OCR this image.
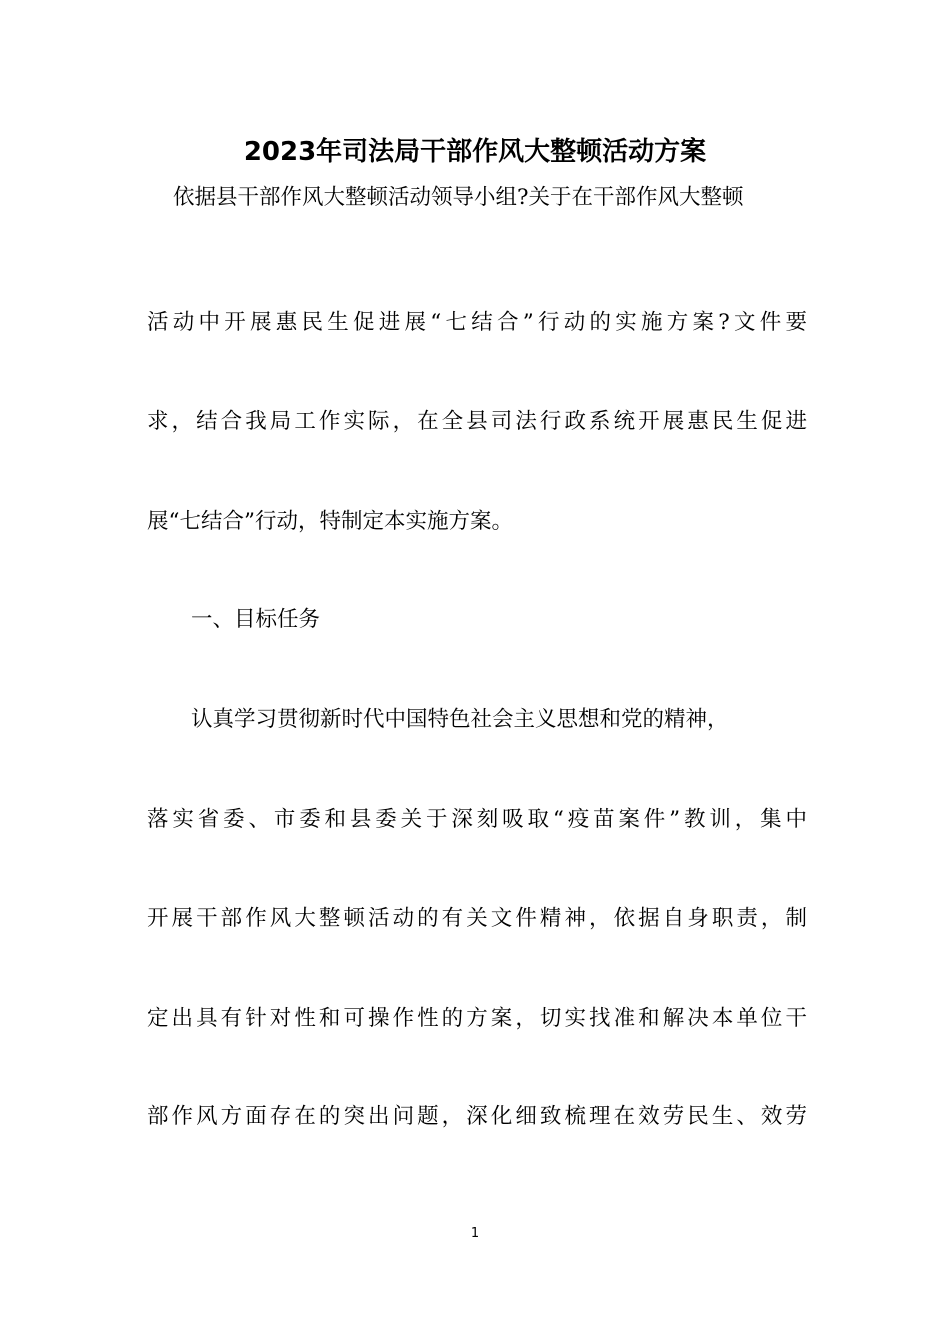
2023年司法局干部作风大整顿活动方案
依据县干部作风大整顿活动领导小组?关于在干部作风大整顿
活动中开展惠民生促进展“七结合”行动的实施方案?文件要
求，结合我局工作实际，在全县司法行政系统开展惠民生促进
展“七结合”行动，特制定本实施方案。
一、目标任务
认真学习贯彻新时代中国特色社会主义思想和党的精神，
落实省委、市委和县委关于深刻吸取“疫苗案件”教训，集中
开展干部作风大整顿活动的有关文件精神，依据自身职责，制
定出具有针对性和可操作性的方案，切实找准和解决本单位干
部作风方面存在的突出问题，深化细致梳理在效劳民生、效劳
1
